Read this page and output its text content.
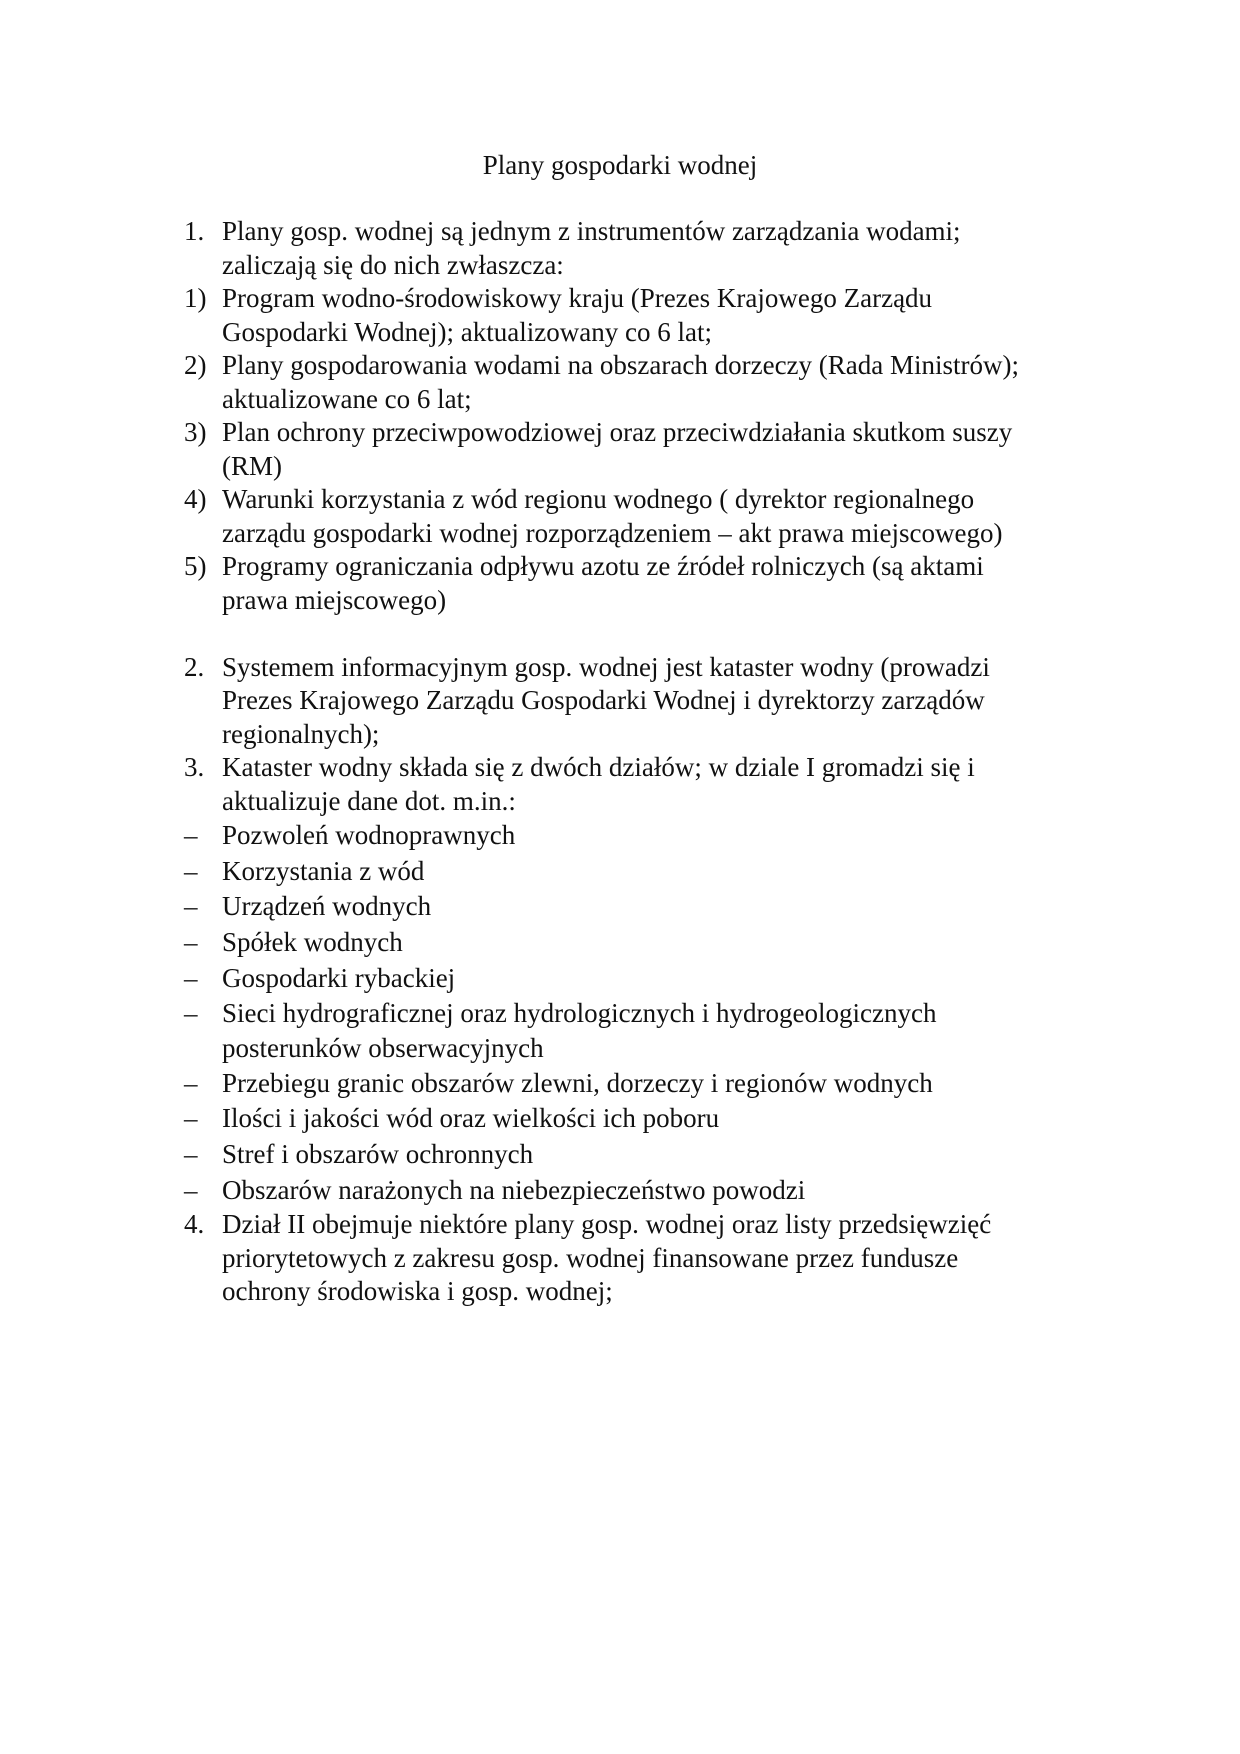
Plany gospodarki wodnej
1. Plany gosp. wodnej są jednym z instrumentów zarządzania wodami;
zaliczają się do nich zwłaszcza:
1) Program wodno-środowiskowy kraju (Prezes Krajowego Zarządu
Gospodarki Wodnej); aktualizowany co 6 lat;
2) Plany gospodarowania wodami na obszarach dorzeczy (Rada Ministrów);
aktualizowane co 6 lat;
3) Plan ochrony przeciwpowodziowej oraz przeciwdziałania skutkom suszy
(RM)
4) Warunki korzystania z wód regionu wodnego ( dyrektor regionalnego
zarządu gospodarki wodnej rozporządzeniem – akt prawa miejscowego)
5) Programy ograniczania odpływu azotu ze źródeł rolniczych (są aktami
prawa miejscowego)
2. Systemem informacyjnym gosp. wodnej jest kataster wodny (prowadzi
Prezes Krajowego Zarządu Gospodarki Wodnej i dyrektorzy zarządów
regionalnych);
3. Kataster wodny składa się z dwóch działów; w dziale I gromadzi się i
aktualizuje dane dot. m.in.:
– Pozwoleń wodnoprawnych
– Korzystania z wód
– Urządzeń wodnych
– Spółek wodnych
– Gospodarki rybackiej
– Sieci hydrograficznej oraz hydrologicznych i hydrogeologicznych
posterunków obserwacyjnych
– Przebiegu granic obszarów zlewni, dorzeczy i regionów wodnych
– Ilości i jakości wód oraz wielkości ich poboru
– Stref i obszarów ochronnych
– Obszarów narażonych na niebezpieczeństwo powodzi
4. Dział II obejmuje niektóre plany gosp. wodnej oraz listy przedsięwzięć
priorytetowych z zakresu gosp. wodnej finansowane przez fundusze
ochrony środowiska i gosp. wodnej;
